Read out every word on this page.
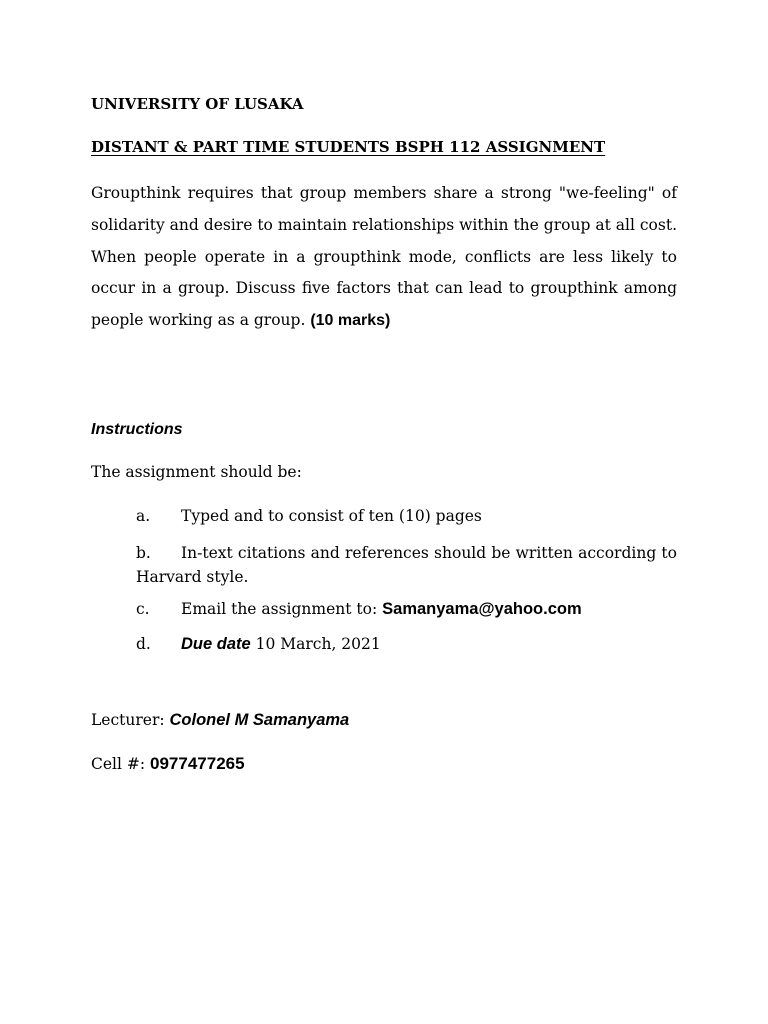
UNIVERSITY OF LUSAKA
DISTANT & PART TIME STUDENTS BSPH 112 ASSIGNMENT
Groupthink requires that group members share a strong "we-feeling" of solidarity and desire to maintain relationships within the group at all cost. When people operate in a groupthink mode, conflicts are less likely to occur in a group. Discuss five factors that can lead to groupthink among people working as a group. (10 marks)
Instructions
The assignment should be:
a. Typed and to consist of ten (10) pages
b. In-text citations and references should be written according to Harvard style.
c. Email the assignment to: Samanyama@yahoo.com
d. Due date 10 March, 2021
Lecturer: Colonel M Samanyama
Cell #: 0977477265
